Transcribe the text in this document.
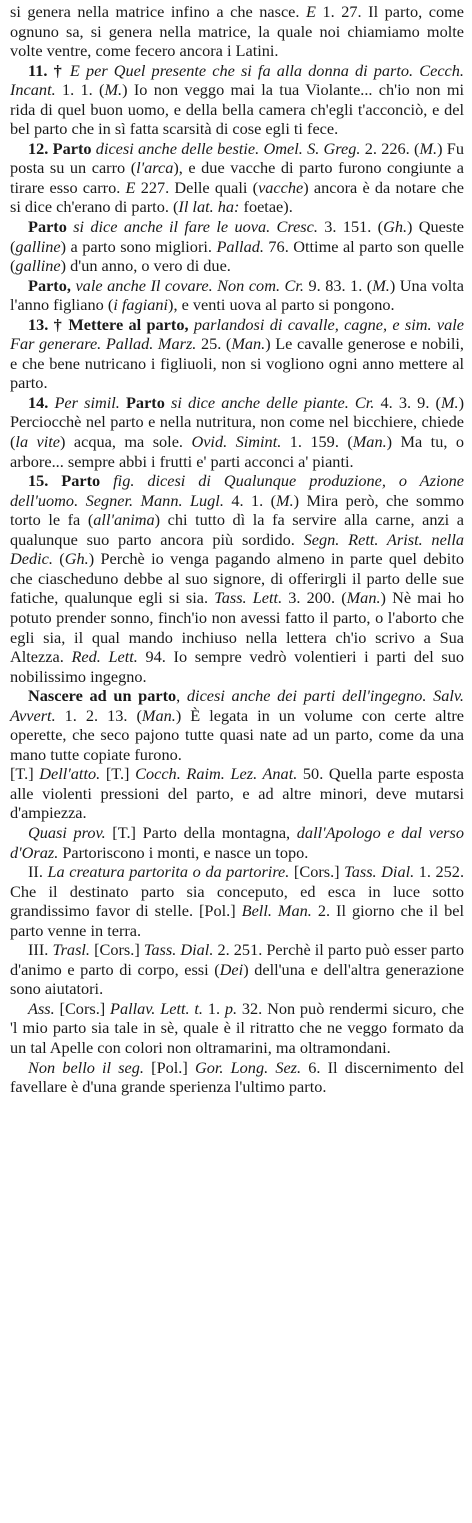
si genera nella matrice infino a che nasce. E 1. 27. Il parto, come ognuno sa, si genera nella matrice, la quale noi chiamiamo molte volte ventre, come fecero ancora i Latini.

11. † E per Quel presente che si fa alla donna di parto. Cecch. Incant. 1. 1. (M.) Io non veggo mai la tua Violante... ch'io non mi rida di quel buon uomo, e della bella camera ch'egli t'acconciò, e del bel parto che in sì fatta scarsità di cose egli ti fece.

12. Parto dicesi anche delle bestie. Omel. S. Greg. 2. 226. (M.) Fu posta su un carro (l'arca), e due vacche di parto furono congiunte a tirare esso carro. E 227. Delle quali (vacche) ancora è da notare che si dice ch'erano di parto. (Il lat. ha: foetae).

Parto si dice anche il fare le uova. Cresc. 3. 151. (Gh.) Queste (galline) a parto sono migliori. Pallad. 76. Ottime al parto son quelle (galline) d'un anno, o vero di due.

Parto, vale anche Il covare. Non com. Cr. 9. 83. 1. (M.) Una volta l'anno figliano (i fagiani), e venti uova al parto si pongono.

13. † Mettere al parto, parlandosi di cavalle, cagne, e sim. vale Far generare. Pallad. Marz. 25. (Man.) Le cavalle generose e nobili, e che bene nutricano i figliuoli, non si vogliono ogni anno mettere al parto.

14. Per simil. Parto si dice anche delle piante. Cr. 4. 3. 9. (M.) Perciocchè nel parto e nella nutritura, non come nel bicchiere, chiede (la vite) acqua, ma sole. Ovid. Simint. 1. 159. (Man.) Ma tu, o arbore... sempre abbi i frutti e' parti acconci a' pianti.

15. Parto fig. dicesi di Qualunque produzione, o Azione dell'uomo. Segner. Mann. Lugl. 4. 1. (M.) Mira però, che sommo torto le fa (all'anima) chi tutto dì la fa servire alla carne, anzi a qualunque suo parto ancora più sordido. Segn. Rett. Arist. nella Dedic. (Gh.) Perchè io venga pagando almeno in parte quel debito che ciascheduno debbe al suo signore, di offerirgli il parto delle sue fatiche, qualunque egli si sia. Tass. Lett. 3. 200. (Man.) Nè mai ho potuto prender sonno, finch'io non avessi fatto il parto, o l'aborto che egli sia, il qual mando inchiuso nella lettera ch'io scrivo a Sua Altezza. Red. Lett. 94. Io sempre vedrò volentieri i parti del suo nobilissimo ingegno.

Nascere ad un parto, dicesi anche dei parti dell'ingegno. Salv. Avvert. 1. 2. 13. (Man.) È legata in un volume con certe altre operette, che seco pajono tutte quasi nate ad un parto, come da una mano tutte copiate furono.

[T.] Dell'atto. [T.] Cocch. Raim. Lez. Anat. 50. Quella parte esposta alle violenti pressioni del parto, e ad altre minori, deve mutarsi d'ampiezza.

Quasi prov. [T.] Parto della montagna, dall'Apologo e dal verso d'Oraz. Partoriscono i monti, e nasce un topo.

II. La creatura partorita o da partorire. [Cors.] Tass. Dial. 1. 252. Che il destinato parto sia conceputo, ed esca in luce sotto grandissimo favor di stelle. [Pol.] Bell. Man. 2. Il giorno che il bel parto venne in terra.

III. Trasl. [Cors.] Tass. Dial. 2. 251. Perchè il parto può esser parto d'animo e parto di corpo, essi (Dei) dell'una e dell'altra generazione sono aiutatori.

Ass. [Cors.] Pallav. Lett. t. 1. p. 32. Non può rendermi sicuro, che 'l mio parto sia tale in sè, quale è il ritratto che ne veggo formato da un tal Apelle con colori non oltramarini, ma oltramondani.

Non bello il seg. [Pol.] Gor. Long. Sez. 6. Il discernimento del favellare è d'una grande sperienza l'ultimo parto.
